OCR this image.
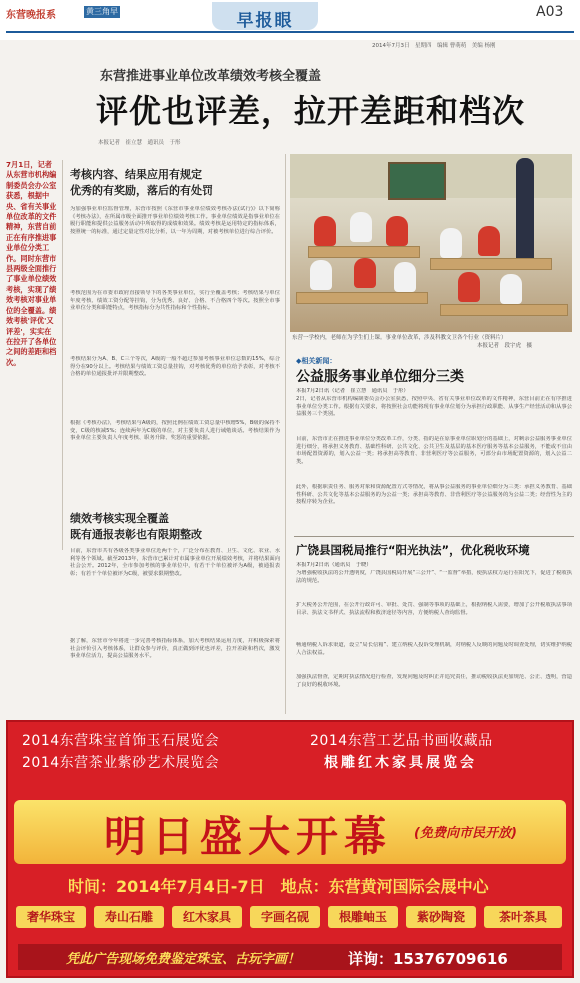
东营晚报系	黄三角早报	早报眼	A03
2014年7月3日　星期四　编辑 曹萌萌　美编 杨刚
东营推进事业单位改革绩效考核全覆盖
评优也评差，拉开差距和档次
本报记者　崔立慧　通讯员　于彤
7月1日，记者从东营市机构编制委员会办公室获悉，根据中央、省有关事业单位改革的文件精神，东营自前正在有序推进事业单位分类工作。同时东营市县两级全面推行了事业单位绩效考核，实现了绩效考核对事业单位的全覆盖。绩效考核'评优'又评差'，实实在在拉开了各单位之间的差距和档次。
考核内容、结果应用有规定
优秀的有奖励，落后的有处罚
为加强事业单位监督管理，东营市按照《东营市事业单位绩效考核办法(试行)》以下简称《考核办法》，在所属市级全面推开事业单位绩效考核工作。事业单位绩效是指事业单位在履行职能和提供公益服务活动中所取得的成绩和效果。绩效考核是运用特定的指标体系，按照统一的标准，通过定量定性对比分析，以一年为周期，对被考核单位进行综合评价。
考核范围为在市委市政府直接领导下的各类事业单位，实行全覆盖考核；考核结果与单位年度考核、绩效工资分配等挂钩，分为优秀、良好、合格、不合格四个等次。按照全市事业单位分类和职能特点，考核指标分为共性指标和个性指标。
考核结果分为A、B、C三个等次，A级的一般不超过参加考核事业单位总数的15%，综合得分在90分以上。考核结果与绩效工资总量挂钩，对考核优秀的单位给予表彰，对考核不合格的单位通报批评并限期整改。
根据《考核办法》，考核结果与A级的，按照比例在绩效工资总量中核增5%，B级的保持不变，C级的核减5%；连续两年为C级的单位，对主要负责人进行诫勉谈话。考核结果作为事业单位主要负责人年度考核、职务升降、奖惩的重要依据。
绩效考核实现全覆盖
既有通报表彰也有限期整改
目前，东营市共有各级各类事业单位近两千个，广泛分布在教育、卫生、文化、农业、水利等各个领域。截至2013年，东营市已累计对市属事业单位开展绩效考核，并将结果面向社会公开。2012年，全市参加考核的事业单位中，有若干个单位被评为A级，被通报表彰；有若干个单位被评为C级，被要求限期整改。
据了解，东营市今年将进一步完善考核指标体系，加大考核结果运用力度，并积极探索将社会评价引入考核体系，让群众参与评价，真正做到评优也评差，拉开差距和档次，激发事业单位活力，提高公益服务水平。
东营一学校内，老师在为学生们上课。事业单位改革，涉及科教文卫各个行业（资料片）
本报记者　段宇虎　摄
◆相关新闻：
公益服务事业单位细分三类
本报7月2日讯（记者　崔立慧　通讯员　于彤）
2日，记者从东营市机构编制委员会办公室获悉，按照中央、省有关事业单位改革的文件精神，东营目前正在有序推进事业单位分类工作。根据有关要求，将按照社会功能将现有事业单位划分为承担行政职能、从事生产经营活动和从事公益服务三个类别。
目前，东营市正在推进事业单位分类改革工作，分类、指的是在原事业单位职划分的基础上，对剩余公益服务事业单位进行细分，将承担义务教育、基础性科研、公共文化、公共卫生及基层的基本医疗服务等基本公益服务，不能或不宜由市场配置资源的，划入公益一类；将承担高等教育、非营利医疗等公益服务，可部分由市场配置资源的，划入公益二类。
此外，根据职责任务、服务对象和资源配置方式等情况，将从事公益服务的事业单位细分为三类：承担义务教育、基础性科研、公共文化等基本公益服务的为公益一类；承担高等教育、非营利医疗等公益服务的为公益二类；经营性为主的按程序转为企业。
广饶县国税局推行“阳光执法”，优化税收环境
本报7月2日讯（通讯员　于晓）
为增强税收执法的公开透明度，广饶县国税局开展“三公开”、“一监督”举措，使执法权力运行在阳光下，促进了税收执法的规范。
扩大税务公开范围，在公开行政许可、审批、处罚、强制等事项的基础上，根据纳税人需要，增加了公开税收执法事项目录、执法文书样式、执法流程和救济途径等内容，方便纳税人查询监督。
畅通纳税人诉求渠道，设立“局长信箱”、建立纳税人投诉受理机制，对纳税人反映的问题及时调查处理，切实维护纳税人合法权益。
加强执法督查，定期对执法情况进行检查，发现问题及时纠正并追究责任，推动税收执法更加规范、公正、透明，营造了良好的税收环境。
2014东营珠宝首饰玉石展览会	2014东营工艺品书画收藏品
2014东营茶业紫砂艺术展览会	根雕红木家具展览会
明日盛大开幕 (免费向市民开放)
时间：2014年7月4日-7日　地点：东营黄河国际会展中心
奢华珠宝	寿山石雕	红木家具	字画名砚	根雕岫玉	紫砂陶瓷	茶叶茶具
凭此广告现场免费鉴定珠宝、古玩字画！	详询：15376709616
